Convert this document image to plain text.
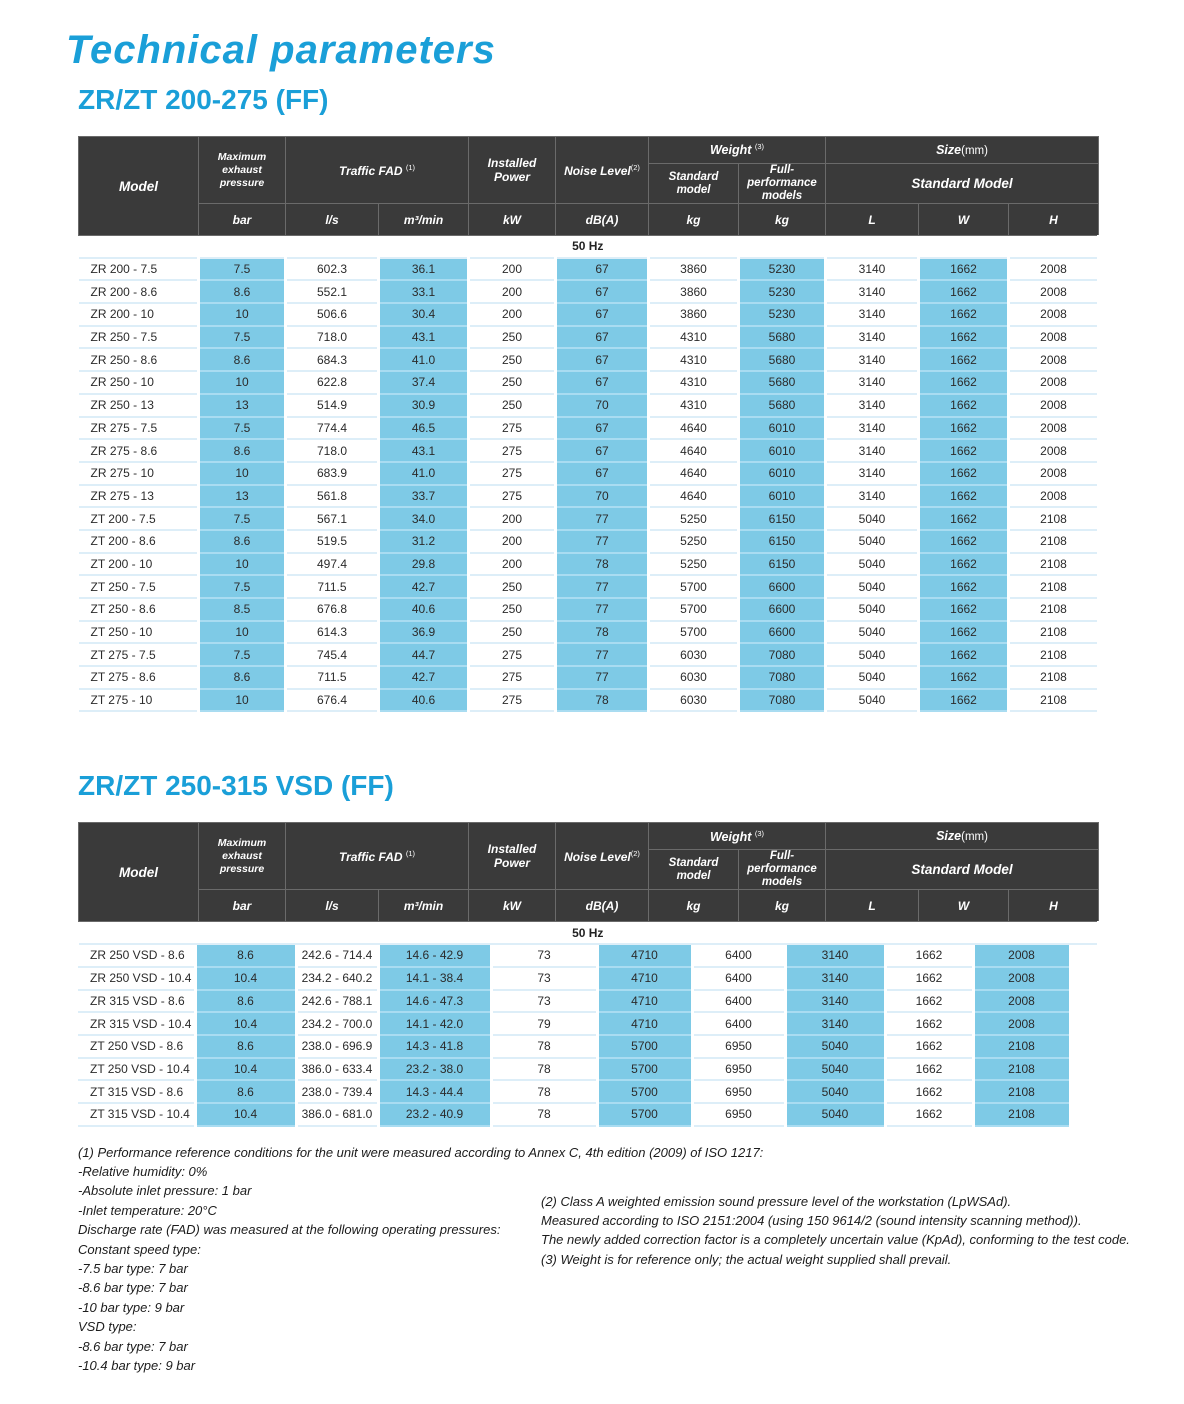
Technical parameters
ZR/ZT 200-275 (FF)
Model	Maximum exhaust pressure	Traffic FAD $^{(1)}$		Installed Power	Noise Level$^{(2)}$	Weight $^{(3)}$		Size(mm)		
						Standard model	Full-performance models	Standard Model		
	bar	l/s	m³/min	kW	dB(A)	kg	kg	L	W	H
50 Hz										
ZR 200 - 7.5	7.5	602.3	36.1	200	67	3860	5230	3140	1662	2008
ZR 200 - 8.6	8.6	552.1	33.1	200	67	3860	5230	3140	1662	2008
ZR 200 - 10	10	506.6	30.4	200	67	3860	5230	3140	1662	2008
ZR 250 - 7.5	7.5	718.0	43.1	250	67	4310	5680	3140	1662	2008
ZR 250 - 8.6	8.6	684.3	41.0	250	67	4310	5680	3140	1662	2008
ZR 250 - 10	10	622.8	37.4	250	67	4310	5680	3140	1662	2008
ZR 250 - 13	13	514.9	30.9	250	70	4310	5680	3140	1662	2008
ZR 275 - 7.5	7.5	774.4	46.5	275	67	4640	6010	3140	1662	2008
ZR 275 - 8.6	8.6	718.0	43.1	275	67	4640	6010	3140	1662	2008
ZR 275 - 10	10	683.9	41.0	275	67	4640	6010	3140	1662	2008
ZR 275 - 13	13	561.8	33.7	275	70	4640	6010	3140	1662	2008
ZT 200 - 7.5	7.5	567.1	34.0	200	77	5250	6150	5040	1662	2108
ZT 200 - 8.6	8.6	519.5	31.2	200	77	5250	6150	5040	1662	2108
ZT 200 - 10	10	497.4	29.8	200	78	5250	6150	5040	1662	2108
ZT 250 - 7.5	7.5	711.5	42.7	250	77	5700	6600	5040	1662	2108
ZT 250 - 8.6	8.5	676.8	40.6	250	77	5700	6600	5040	1662	2108
ZT 250 - 10	10	614.3	36.9	250	78	5700	6600	5040	1662	2108
ZT 275 - 7.5	7.5	745.4	44.7	275	77	6030	7080	5040	1662	2108
ZT 275 - 8.6	8.6	711.5	42.7	275	77	6030	7080	5040	1662	2108
ZT 275 - 10	10	676.4	40.6	275	78	6030	7080	5040	1662	2108
ZR/ZT 250-315 VSD (FF)
Model	Maximum exhaust pressure	Traffic FAD $^{(1)}$		Installed Power	Noise Level$^{(2)}$	Weight $^{(3)}$		Size(mm)		
						Standard model	Full-performance models	Standard Model		
	bar	l/s	m³/min	kW	dB(A)	kg	kg	L	W	H
50 Hz										
ZR 250 VSD - 8.6	8.6	242.6 - 714.4	14.6 - 42.9	73	4710	6400	3140	1662	2008
ZR 250 VSD - 10.4	10.4	234.2 - 640.2	14.1 - 38.4	73	4710	6400	3140	1662	2008
ZR 315 VSD - 8.6	8.6	242.6 - 788.1	14.6 - 47.3	73	4710	6400	3140	1662	2008
ZR 315 VSD - 10.4	10.4	234.2 - 700.0	14.1 - 42.0	79	4710	6400	3140	1662	2008
ZT 250 VSD - 8.6	8.6	238.0 - 696.9	14.3 - 41.8	78	5700	6950	5040	1662	2108
ZT 250 VSD - 10.4	10.4	386.0 - 633.4	23.2 - 38.0	78	5700	6950	5040	1662	2108
ZT 315 VSD - 8.6	8.6	238.0 - 739.4	14.3 - 44.4	78	5700	6950	5040	1662	2108
ZT 315 VSD - 10.4	10.4	386.0 - 681.0	23.2 - 40.9	78	5700	6950	5040	1662	2108
(1) Performance reference conditions for the unit were measured according to Annex C, 4th edition (2009) of ISO 1217:
-Relative humidity: 0%
-Absolute inlet pressure: 1 bar
-Inlet temperature: 20°C
Discharge rate (FAD) was measured at the following operating pressures:
Constant speed type:
-7.5 bar type: 7 bar
-8.6 bar type: 7 bar
-10 bar type: 9 bar
VSD type:
-8.6 bar type: 7 bar
-10.4 bar type: 9 bar
(2) Class A weighted emission sound pressure level of the workstation (LpWSAd).
Measured according to ISO 2151:2004 (using 150 9614/2 (sound intensity scanning method)).
The newly added correction factor is a completely uncertain value (KpAd), conforming to the test code.
(3) Weight is for reference only; the actual weight supplied shall prevail.
